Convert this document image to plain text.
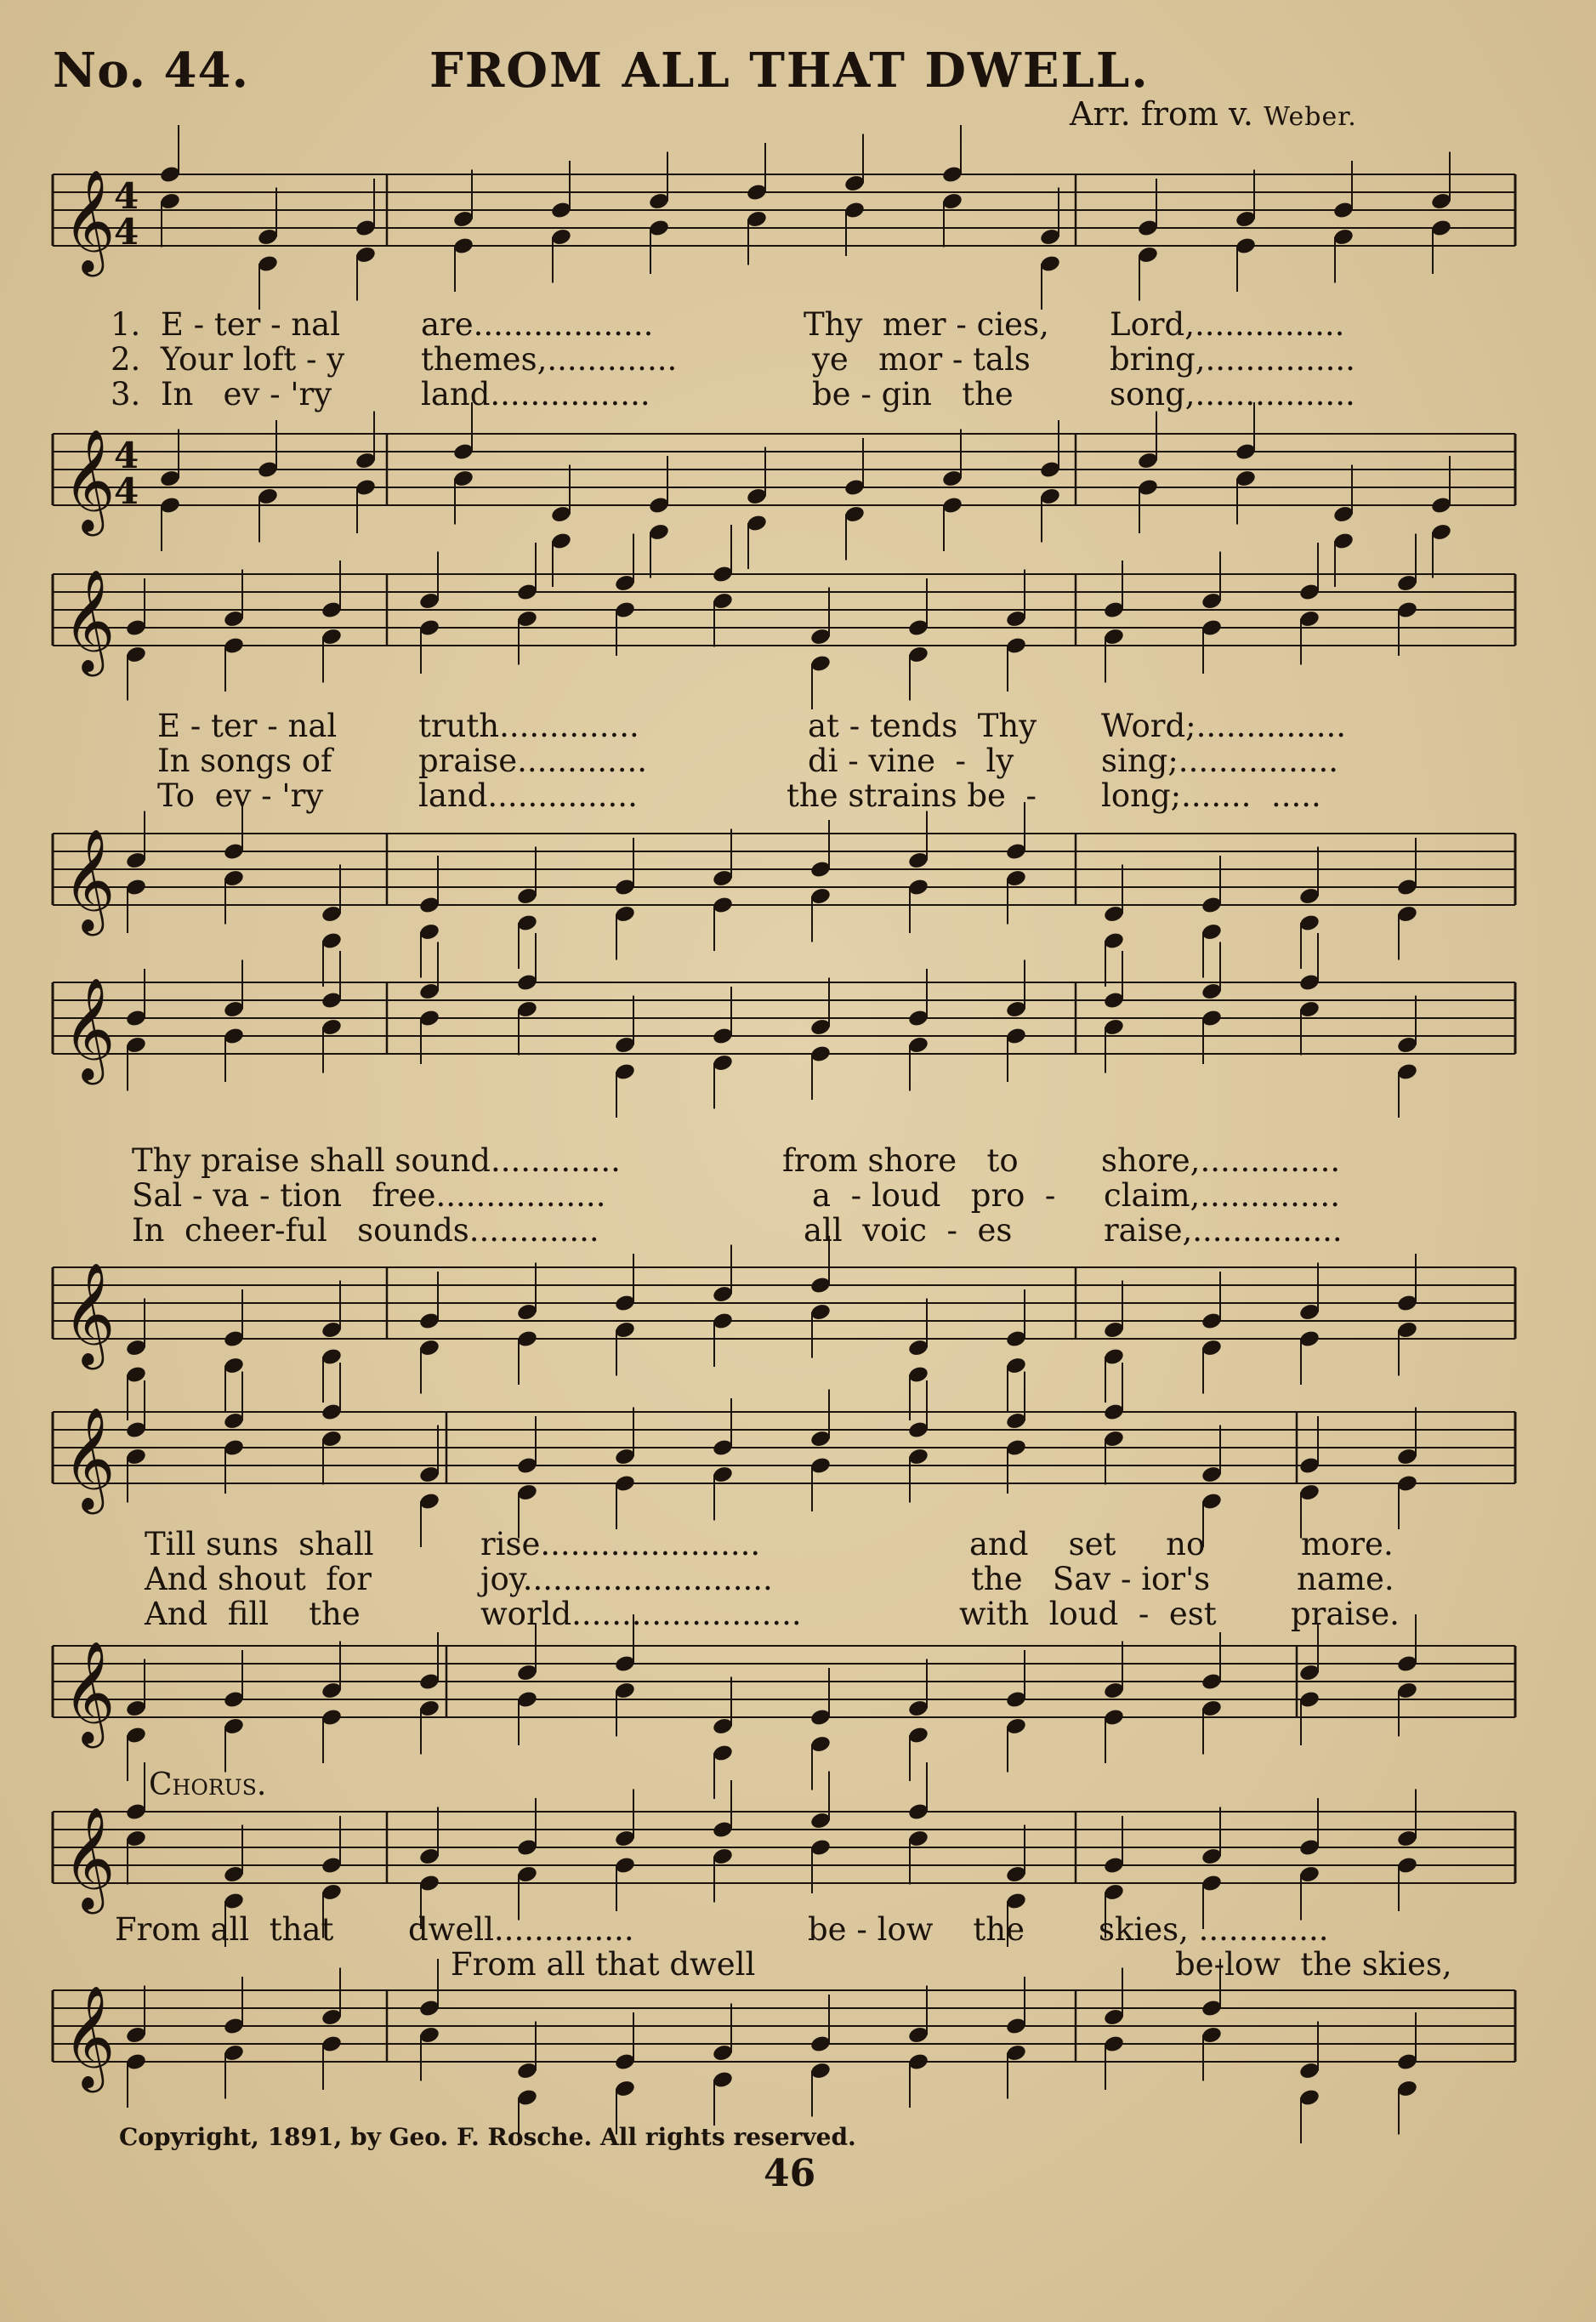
No. 44.	FROM ALL THAT DWELL.
Arr. from v. Weber.
𝄞
4
4
1.  E - ter - nal	are..................	Thy  mer - cies, Lord,...............
2.  Your loft - y themes,.............	ye   mor - tals	bring,...............
3.  In   ev - 'ry	land................	be - gin   the	song,................
𝄞
4
4
𝄞
E - ter - nal	truth..............	at - tends  Thy Word;...............
In songs of	praise.............	di - vine  -  ly	sing;................
To  ev - 'ry	land...............	the strains be  - long;.......  .....
𝄞
𝄞
Thy praise shall sound.............	from shore   to	shore,..............
Sal - va - tion   free.................	a  - loud   pro  - claim,..............
In  cheer-ful   sounds.............	all  voic  -  es	raise,...............
𝄞
𝄞
Till suns  shall	rise......................	and    set     no	more.
And shout  for	joy.........................	the   Sav - ior's	name.
And  fill    the	world.......................	with  loud  -  est praise.
𝄞
Chorus.
𝄞
From all  that dwell..............	be - low    the skies, .............
From all that dwell	be-low  the skies,
𝄞
Copyright, 1891, by Geo. F. Rosche. All rights reserved.
46
